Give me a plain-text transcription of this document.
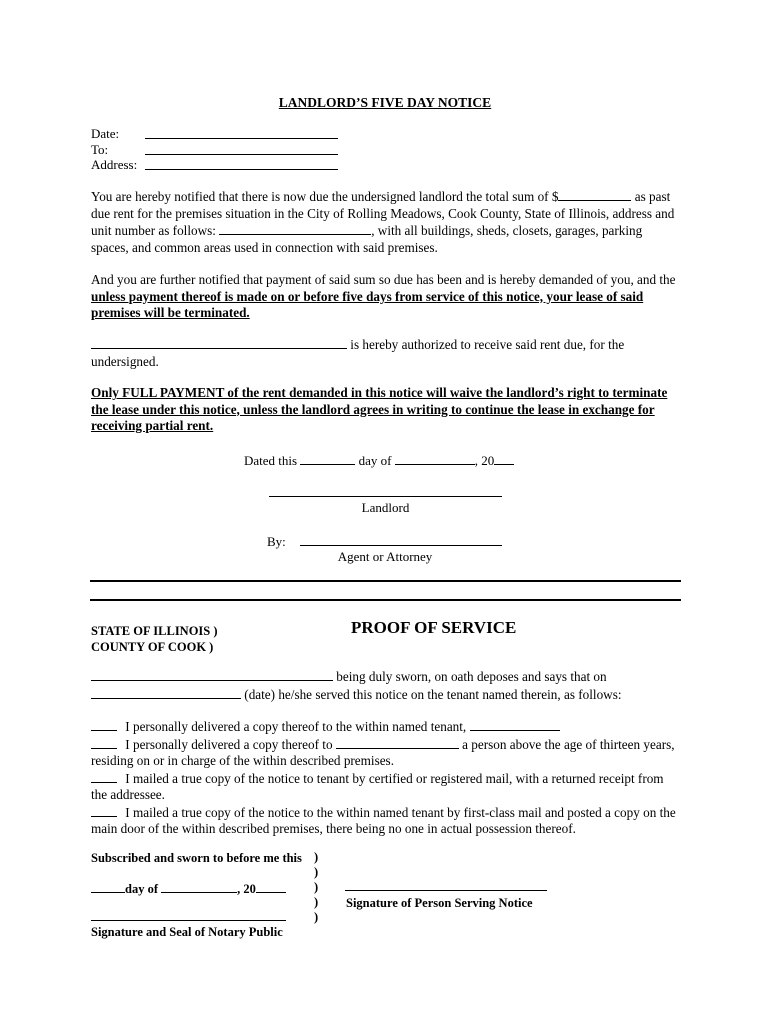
LANDLORD’S FIVE DAY NOTICE
Date:
To:
Address:
You are hereby notified that there is now due the undersigned landlord the total sum of $	as past due rent for the premises situation in the City of Rolling Meadows, Cook County, State of Illinois, address and unit number as follows:	, with all buildings, sheds, closets, garages, parking spaces, and common areas used in connection with said premises.
And you are further notified that payment of said sum so due has been and is hereby demanded of you, and the unless payment thereof is made on or before five days from service of this notice, your lease of said premises will be terminated.
is hereby authorized to receive said rent due, for the undersigned.
Only FULL PAYMENT of the rent demanded in this notice will waive the landlord’s right to terminate the lease under this notice, unless the landlord agrees in writing to continue the lease in exchange for receiving partial rent.
Dated this	day of	, 20
Landlord
By:
Agent or Attorney
STATE OF ILLINOIS )
COUNTY OF COOK )
PROOF OF SERVICE
being duly sworn, on oath deposes and says that on
(date) he/she served this notice on the tenant named therein, as follows:
I personally delivered a copy thereof to the within named tenant,
I personally delivered a copy thereof to	a person above the age of thirteen years, residing on or in charge of the within described premises.
I mailed a true copy of the notice to tenant by certified or registered mail, with a returned receipt from the addressee.
I mailed a true copy of the notice to the within named tenant by first-class mail and posted a copy on the main door of the within described premises, there being no one in actual possession thereof.
Subscribed and sworn to before me this )
)
)
)
)
day of	, 20
Signature of Person Serving Notice
Signature and Seal of Notary Public
